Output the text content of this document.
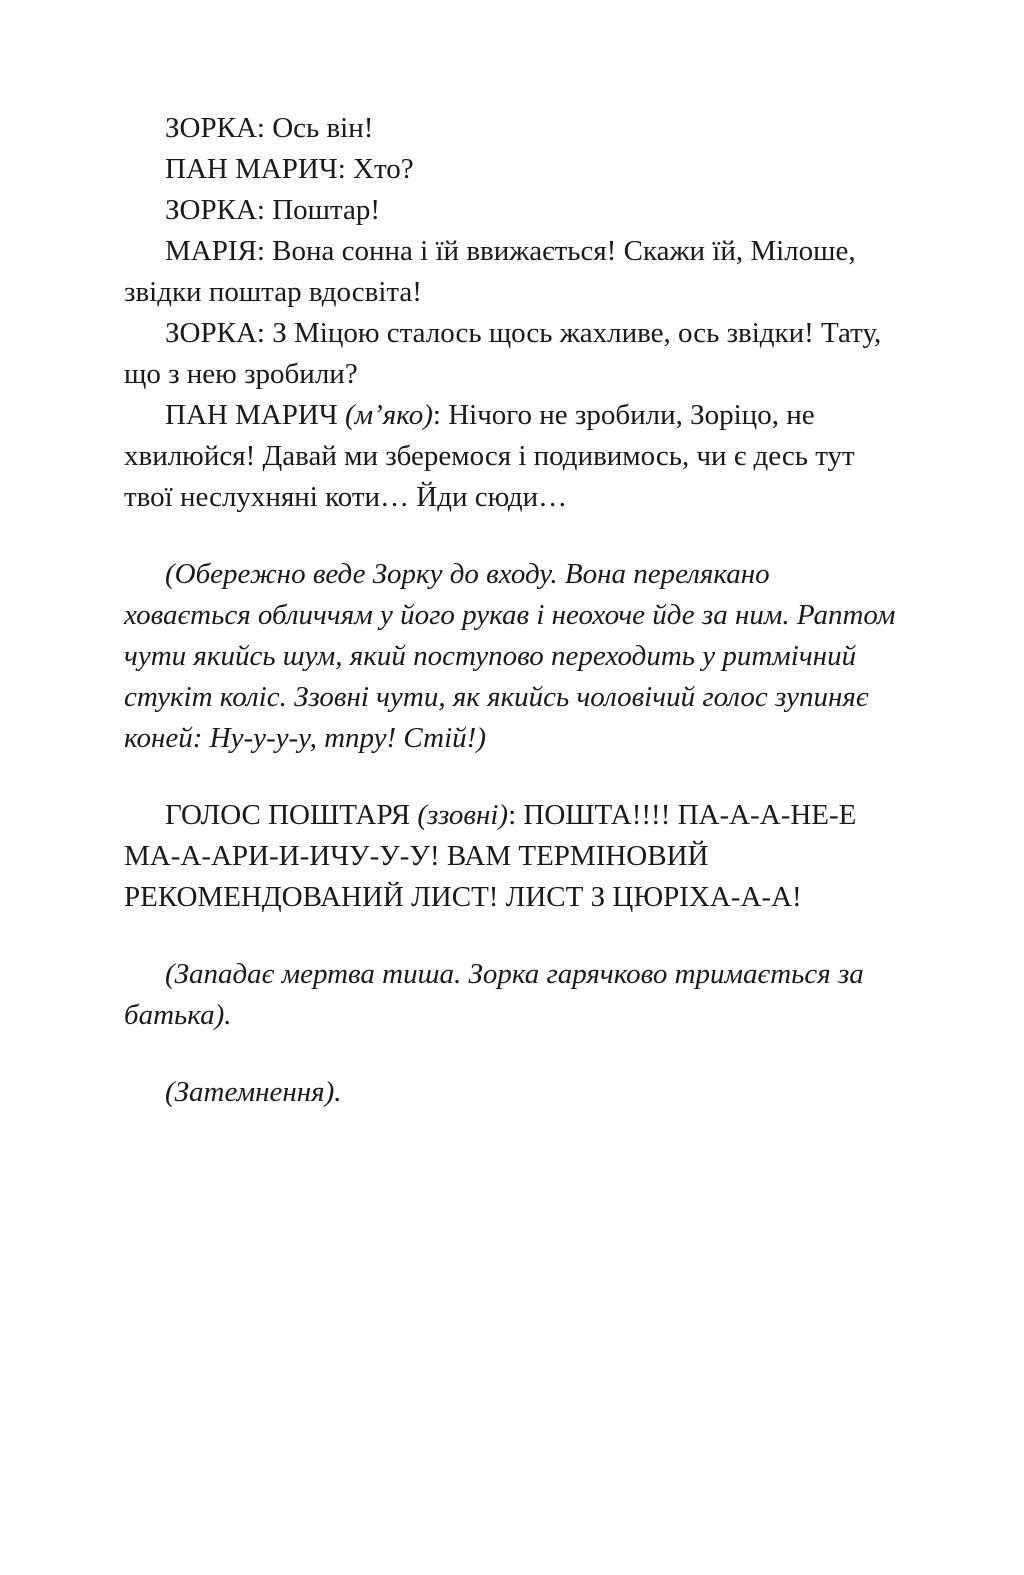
ЗОРКА: Ось він!

ПАН МАРИЧ: Хто?

ЗОРКА: Поштар!

МАРІЯ: Вона сонна і їй ввижається! Скажи їй, Мілоше, звідки поштар вдосвіта!

ЗОРКА: З Міцою сталось щось жахливе, ось звідки! Тату, що з нею зробили?

ПАН МАРИЧ (м’яко): Нічого не зробили, Зоріцо, не хвилюйся! Давай ми зберемося і подивимось, чи є десь тут твої неслухняні коти… Йди сюди…

(Обережно веде Зорку до входу. Вона перелякано ховається обличчям у його рукав і неохоче йде за ним. Раптом чути якийсь шум, який поступово переходить у ритмічний стукіт коліс. Ззовні чути, як якийсь чоловічий голос зупиняє коней: Ну-у-у-у, тпру! Стій!)

ГОЛОС ПОШТАРЯ (ззовні): ПОШТА!!!! ПА-А-А-НЕ-Е МА-А-АРИ-И-ИЧУ-У-У! ВАМ ТЕРМІНОВИЙ РЕКОМЕНДОВАНИЙ ЛИСТ! ЛИСТ З ЦЮРІХА-А-А!

(Западає мертва тиша. Зорка гарячково тримається за батька).

(Затемнення).
